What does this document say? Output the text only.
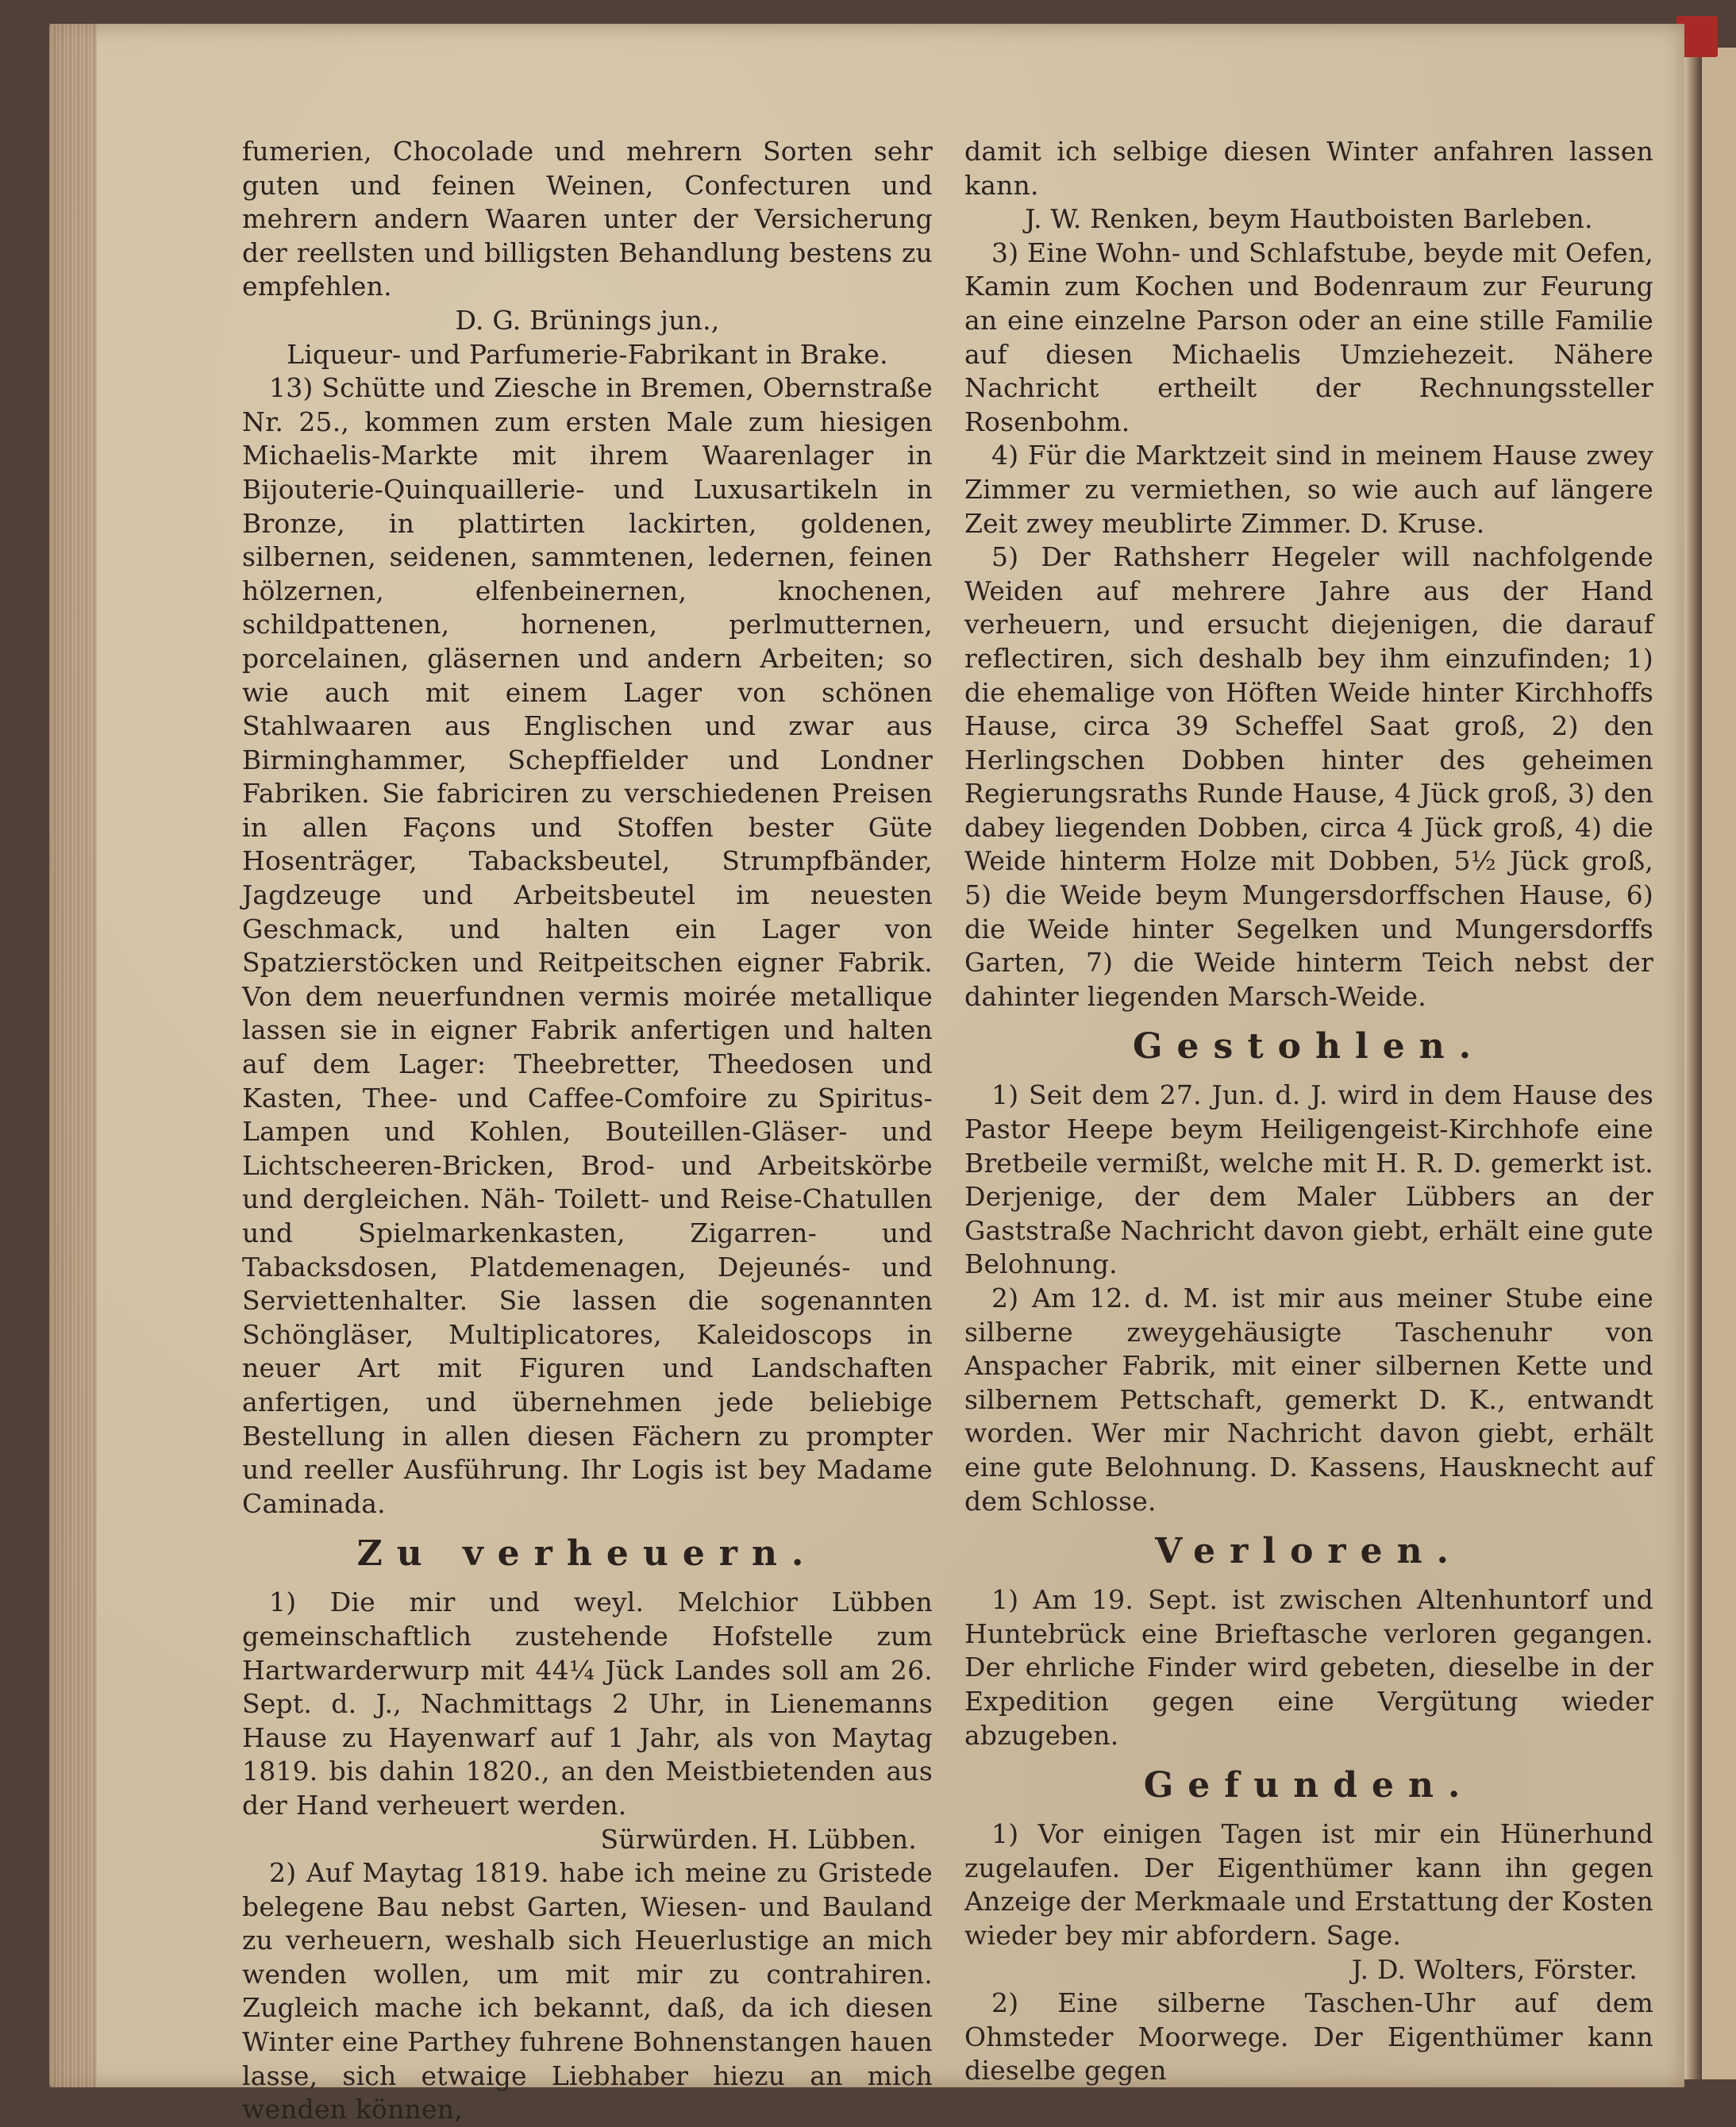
fumerien, Chocolade und mehrern Sorten sehr guten und feinen Weinen, Confecturen und mehrern andern Waaren unter der Versicherung der reellsten und billigsten Behandlung bestens zu empfehlen.

D. G. Brünings jun.,

Liqueur- und Parfumerie-Fabrikant in Brake.

13) Schütte und Ziesche in Bremen, Obernstraße Nr. 25., kommen zum ersten Male zum hiesigen Michaelis-Markte mit ihrem Waarenlager in Bijouterie-Quinquaillerie- und Luxusartikeln in Bronze, in plattirten lackirten, goldenen, silbernen, seidenen, sammtenen, ledernen, feinen hölzernen, elfenbeinernen, knochenen, schildpattenen, hornenen, perlmutternen, porcelainen, gläsernen und andern Arbeiten; so wie auch mit einem Lager von schönen Stahlwaaren aus Englischen und zwar aus Birminghammer, Schepffielder und Londner Fabriken. Sie fabriciren zu verschiedenen Preisen in allen Façons und Stoffen bester Güte Hosenträger, Tabacksbeutel, Strumpfbänder, Jagdzeuge und Arbeitsbeutel im neuesten Geschmack, und halten ein Lager von Spatzierstöcken und Reitpeitschen eigner Fabrik. Von dem neuerfundnen vermis moirée metallique lassen sie in eigner Fabrik anfertigen und halten auf dem Lager: Theebretter, Theedosen und Kasten, Thee- und Caffee-Comfoire zu Spiritus-Lampen und Kohlen, Bouteillen-Gläser- und Lichtscheeren-Bricken, Brod- und Arbeitskörbe und dergleichen. Näh- Toilett- und Reise-Chatullen und Spielmarkenkasten, Zigarren- und Tabacksdosen, Platdemenagen, Dejeunés- und Serviettenhalter. Sie lassen die sogenannten Schöngläser, Multiplicatores, Kaleidoscops in neuer Art mit Figuren und Landschaften anfertigen, und übernehmen jede beliebige Bestellung in allen diesen Fächern zu prompter und reeller Ausführung. Ihr Logis ist bey Madame Caminada.

Zu verheuern.

1) Die mir und weyl. Melchior Lübben gemeinschaftlich zustehende Hofstelle zum Hartwarderwurp mit 44¼ Jück Landes soll am 26. Sept. d. J., Nachmittags 2 Uhr, in Lienemanns Hause zu Hayenwarf auf 1 Jahr, als von Maytag 1819. bis dahin 1820., an den Meistbietenden aus der Hand verheuert werden.

Sürwürden. H. Lübben.

2) Auf Maytag 1819. habe ich meine zu Gristede belegene Bau nebst Garten, Wiesen- und Bauland zu verheuern, weshalb sich Heuerlustige an mich wenden wollen, um mit mir zu contrahiren. Zugleich mache ich bekannt, daß, da ich diesen Winter eine Parthey fuhrene Bohnenstangen hauen lasse, sich etwaige Liebhaber hiezu an mich wenden können,

damit ich selbige diesen Winter anfahren lassen kann.

J. W. Renken, beym Hautboisten Barleben.

3) Eine Wohn- und Schlafstube, beyde mit Oefen, Kamin zum Kochen und Bodenraum zur Feurung an eine einzelne Parson oder an eine stille Familie auf diesen Michaelis Umziehezeit. Nähere Nachricht ertheilt der Rechnungssteller Rosenbohm.

4) Für die Marktzeit sind in meinem Hause zwey Zimmer zu vermiethen, so wie auch auf längere Zeit zwey meublirte Zimmer. D. Kruse.

5) Der Rathsherr Hegeler will nachfolgende Weiden auf mehrere Jahre aus der Hand verheuern, und ersucht diejenigen, die darauf reflectiren, sich deshalb bey ihm einzufinden; 1) die ehemalige von Höften Weide hinter Kirchhoffs Hause, circa 39 Scheffel Saat groß, 2) den Herlingschen Dobben hinter des geheimen Regierungsraths Runde Hause, 4 Jück groß, 3) den dabey liegenden Dobben, circa 4 Jück groß, 4) die Weide hinterm Holze mit Dobben, 5½ Jück groß, 5) die Weide beym Mungersdorffschen Hause, 6) die Weide hinter Segelken und Mungersdorffs Garten, 7) die Weide hinterm Teich nebst der dahinter liegenden Marsch-Weide.

Gestohlen.

1) Seit dem 27. Jun. d. J. wird in dem Hause des Pastor Heepe beym Heiligengeist-Kirchhofe eine Bretbeile vermißt, welche mit H. R. D. gemerkt ist. Derjenige, der dem Maler Lübbers an der Gaststraße Nachricht davon giebt, erhält eine gute Belohnung.

2) Am 12. d. M. ist mir aus meiner Stube eine silberne zweygehäusigte Taschenuhr von Anspacher Fabrik, mit einer silbernen Kette und silbernem Pettschaft, gemerkt D. K., entwandt worden. Wer mir Nachricht davon giebt, erhält eine gute Belohnung. D. Kassens, Hausknecht auf dem Schlosse.

Verloren.

1) Am 19. Sept. ist zwischen Altenhuntorf und Huntebrück eine Brieftasche verloren gegangen. Der ehrliche Finder wird gebeten, dieselbe in der Expedition gegen eine Vergütung wieder abzugeben.

Gefunden.

1) Vor einigen Tagen ist mir ein Hünerhund zugelaufen. Der Eigenthümer kann ihn gegen Anzeige der Merkmaale und Erstattung der Kosten wieder bey mir abfordern. Sage.

J. D. Wolters, Förster.

2) Eine silberne Taschen-Uhr auf dem Ohmsteder Moorwege. Der Eigenthümer kann dieselbe gegen
